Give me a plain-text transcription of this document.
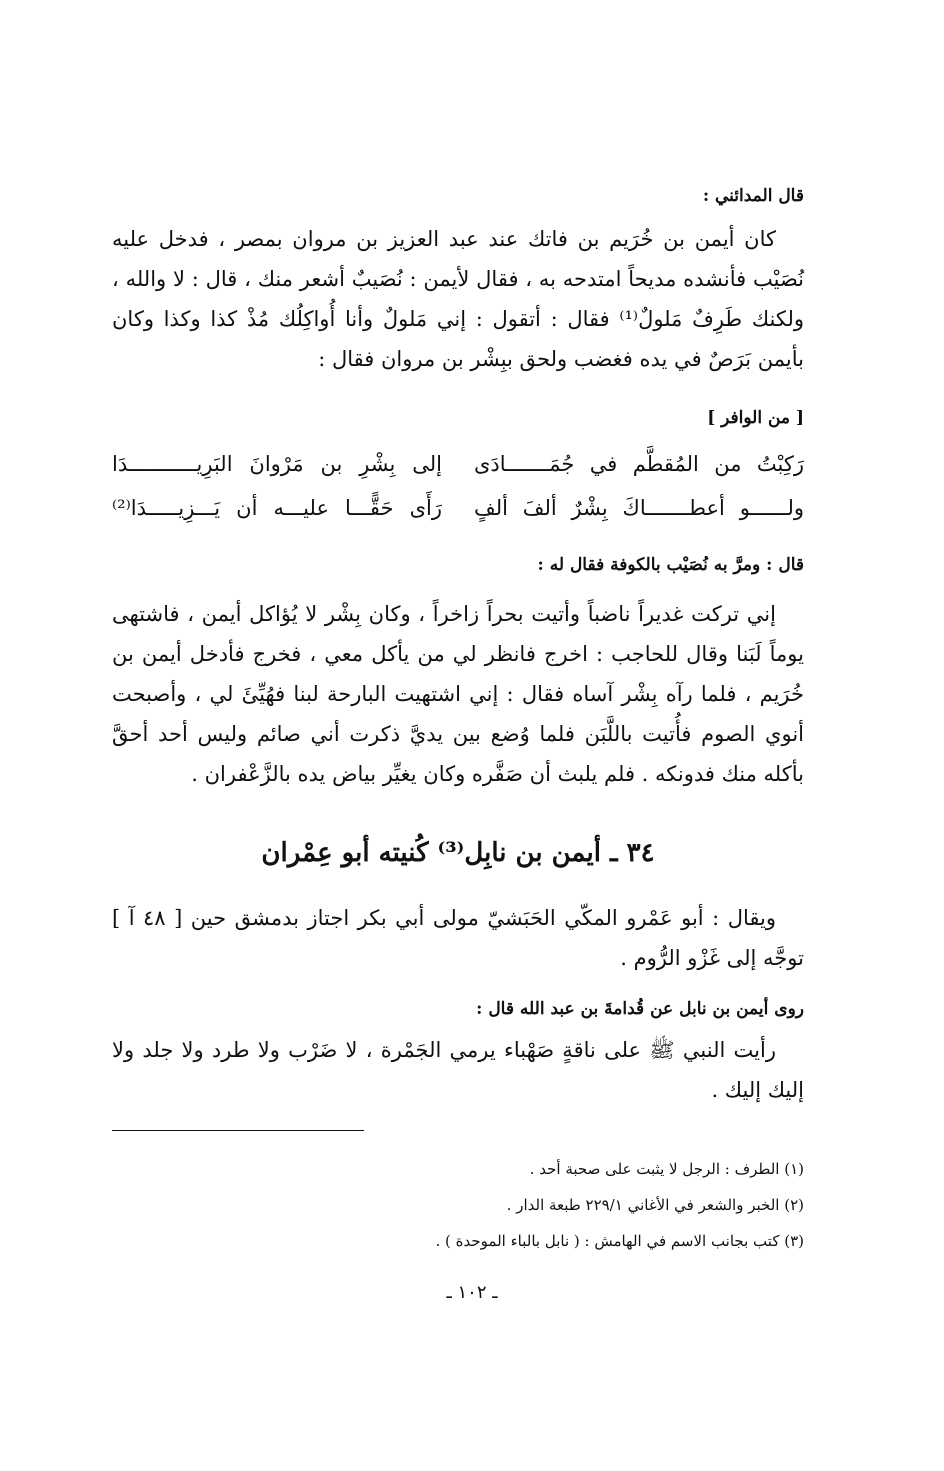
قال المدائني :

كان أيمن بن خُرَيم بن فاتك عند عبد العزيز بن مروان بمصر ، فدخل عليه نُصَيْب فأنشده مديحاً امتدحه به ، فقال لأيمن : نُصَيبٌ أشعر منك ، قال : لا والله ، ولكنك طَرِفٌ مَلولٌ⁽¹⁾ فقال : أتقول : إني مَلولٌ وأنا أُواكِلُك مُذْ كذا وكذا وكان بأيمن بَرَصٌ في يده فغضب ولحق ببِشْر بن مروان فقال :

[ من الوافر ]
رَكِبْتُ من المُقطَّم في جُمَـــــــادَى
إلى بِشْرِ بن مَرْوانَ البَرِيـــــــــــدَا
ولــــــو أعطـــــــاكَ بِشْرٌ ألفَ ألفٍ
رَأَى حَقًّـــا عليـــه أن يَـــزِيـــــدَا⁽²⁾
قال : ومرَّ به نُصَيْب بالكوفة فقال له :

إني تركت غديراً ناضباً وأتيت بحراً زاخراً ، وكان بِشْر لا يُؤاكل أيمن ، فاشتهى يوماً لَبَنا وقال للحاجب : اخرج فانظر لي من يأكل معي ، فخرج فأدخل أيمن بن خُرَيم ، فلما رآه بِشْر آساه فقال : إني اشتهيت البارحة لبنا فهُيِّئَ لي ، وأصبحت أنوي الصوم فأُتيت باللَّبَن فلما وُضع بين يديَّ ذكرت أني صائم وليس أحد أحقَّ بأكله منك فدونكه . فلم يلبث أن صَفَّره وكان يغيِّر بياض يده بالزَّعْفران .

٣٤ ـ أيمن بن نابِل⁽³⁾ كُنيته أبو عِمْران

ويقال : أبو عَمْرو المكّي الحَبَشيّ مولى أبي بكر اجتاز بدمشق حين [ ٤٨ آ ] توجَّه إلى غَزْو الرُّوم .

روى أيمن بن نابل عن قُدامةَ بن عبد الله قال :

رأيت النبي ﷺ على ناقةٍ صَهْباء يرمي الجَمْرة ، لا ضَرْب ولا طرد ولا جلد ولا إليك إليك .

(١) الطرف : الرجل لا يثبت على صحبة أحد .
(٢) الخبر والشعر في الأغاني ٢٢٩/١ طبعة الدار .
(٣) كتب بجانب الاسم في الهامش : ( نابل بالباء الموحدة ) .
ـ ١٠٢ ـ
